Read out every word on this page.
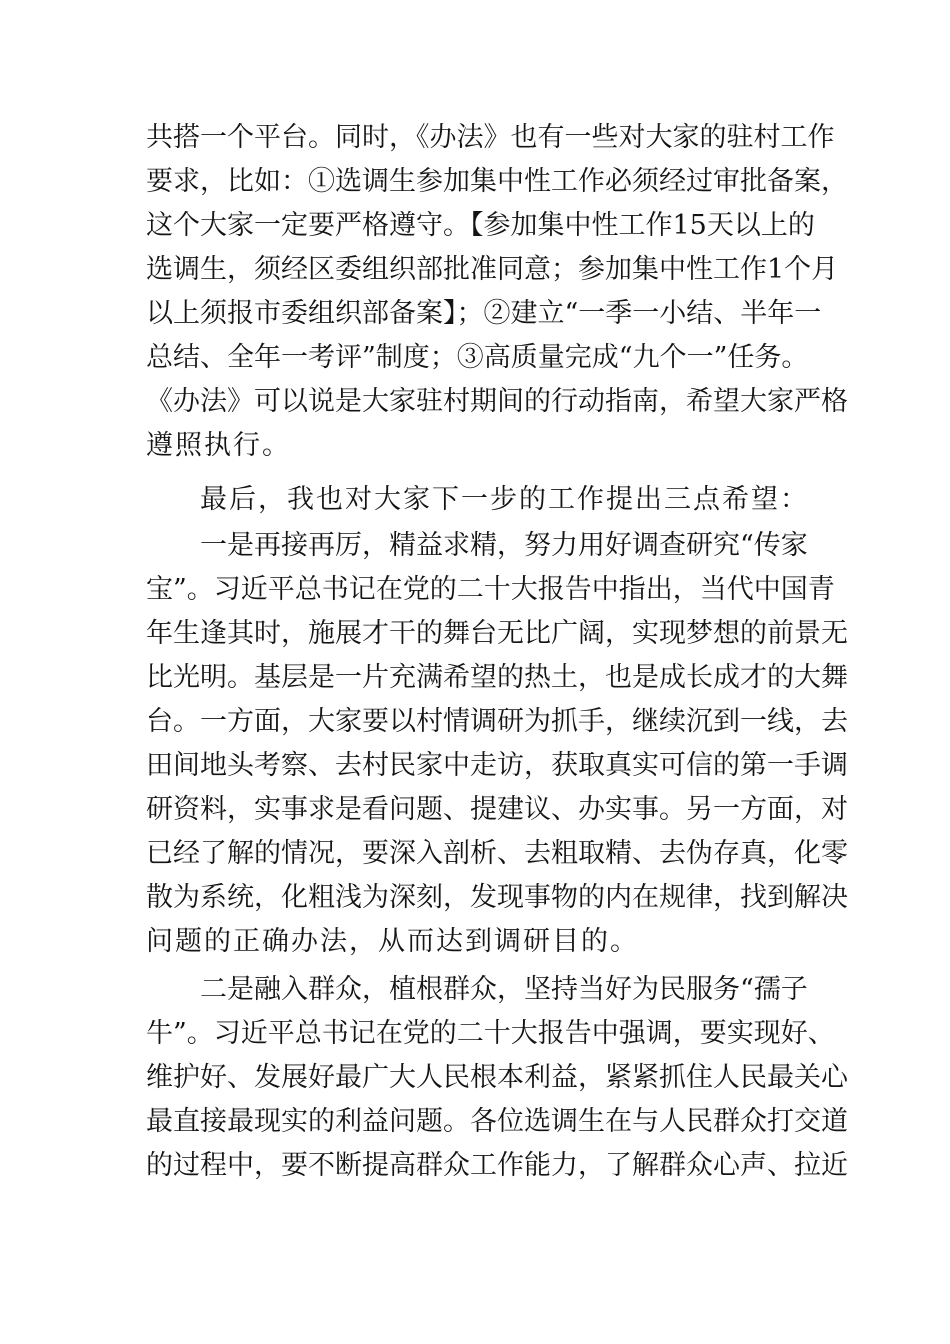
共搭一个平台。同时，《办法》也有一些对大家的驻村工作

要求，比如：①选调生参加集中性工作必须经过审批备案，

这个大家一定要严格遵守。【参加集中性工作15天以上的

选调生，须经区委组织部批准同意；参加集中性工作1个月

以上须报市委组织部备案】；②建立“一季一小结、半年一

总结、全年一考评”制度；③高质量完成“九个一”任务。

《办法》可以说是大家驻村期间的行动指南，希望大家严格

遵照执行。

最后，我也对大家下一步的工作提出三点希望：

一是再接再厉，精益求精，努力用好调查研究“传家

宝”。习近平总书记在党的二十大报告中指出，当代中国青

年生逢其时，施展才干的舞台无比广阔，实现梦想的前景无

比光明。基层是一片充满希望的热土，也是成长成才的大舞

台。一方面，大家要以村情调研为抓手，继续沉到一线，去

田间地头考察、去村民家中走访，获取真实可信的第一手调

研资料，实事求是看问题、提建议、办实事。另一方面，对

已经了解的情况，要深入剖析、去粗取精、去伪存真，化零

散为系统，化粗浅为深刻，发现事物的内在规律，找到解决

问题的正确办法，从而达到调研目的。

二是融入群众，植根群众，坚持当好为民服务“孺子

牛”。习近平总书记在党的二十大报告中强调，要实现好、

维护好、发展好最广大人民根本利益，紧紧抓住人民最关心

最直接最现实的利益问题。各位选调生在与人民群众打交道

的过程中，要不断提高群众工作能力，了解群众心声、拉近
